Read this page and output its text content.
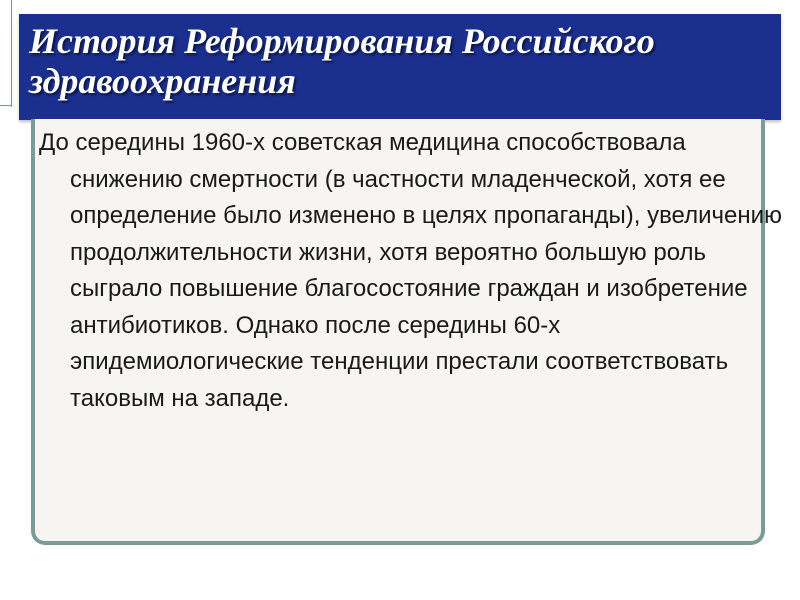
История Реформирования Российского
здравоохранения

До середины 1960-х советская медицина способствовала снижению смертности (в частности младенческой, хотя ее определение было изменено в целях пропаганды), увеличению продолжительности жизни, хотя вероятно большую роль сыграло повышение благосостояние граждан и изобретение антибиотиков. Однако после середины 60-х эпидемиологические тенденции престали соответствовать таковым на западе.
